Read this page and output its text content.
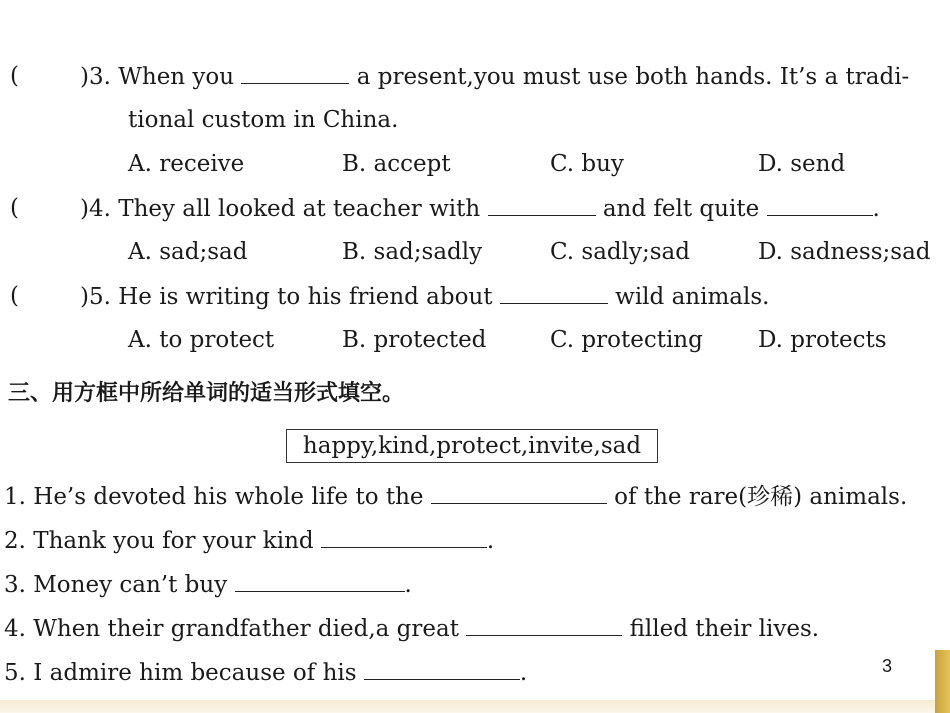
(	)3. When you	a present,you must use both hands. It’s a tradi-
tional custom in China.
A. receive	B. accept	C. buy	D. send
(	)4. They all looked at teacher with	and felt quite	.
A. sad;sad	B. sad;sadly	C. sadly;sad	D. sadness;sad
(	)5. He is writing to his friend about	wild animals.
A. to protect	B. protected	C. protecting D. protects
三、用方框中所给单词的适当形式填空。
happy,kind,protect,invite,sad
1. He’s devoted his whole life to the	of the rare(珍稀) animals.
2. Thank you for your kind	.
3. Money can’t buy	.
4. When their grandfather died,a great	filled their lives.
5. I admire him because of his	.	3
